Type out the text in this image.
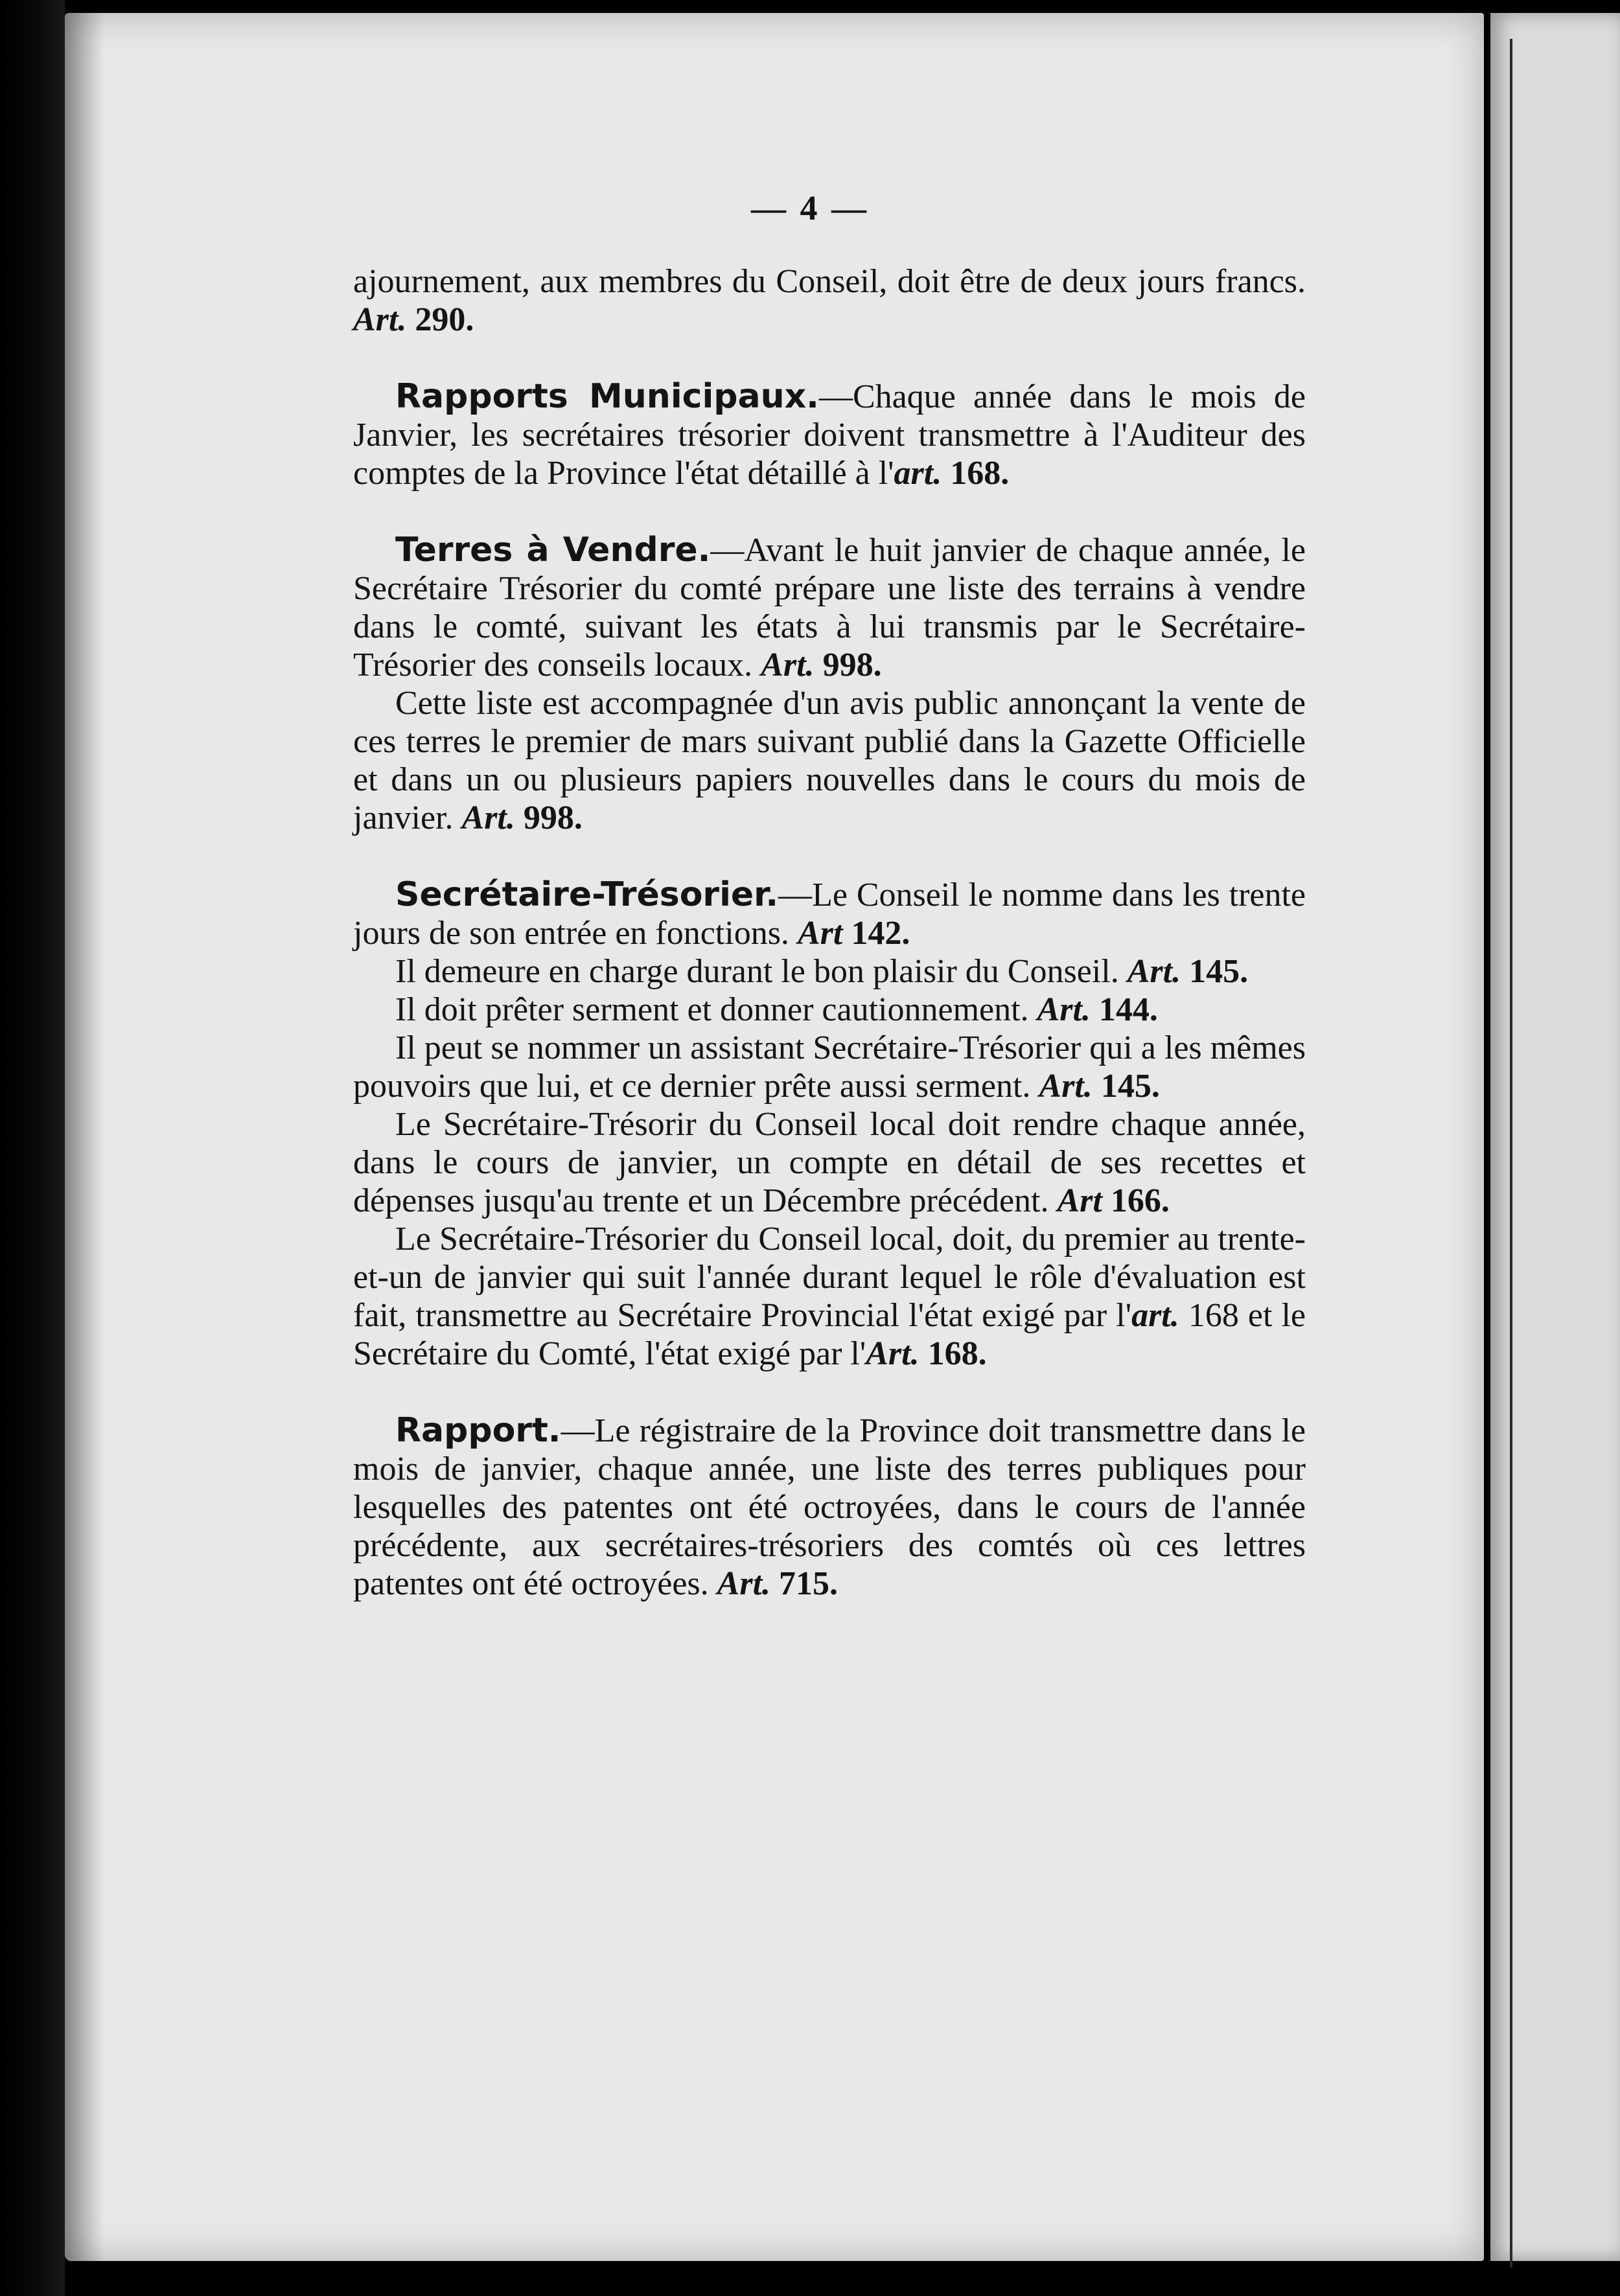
— 4 —

ajournement, aux membres du Conseil, doit être de deux jours francs. Art. 290.

Rapports Municipaux.—Chaque année dans le mois de Janvier, les secrétaires trésorier doivent transmettre à l'Auditeur des comptes de la Province l'état détaillé à l'art. 168.

Terres à Vendre.—Avant le huit janvier de chaque année, le Secrétaire Trésorier du comté prépare une liste des terrains à vendre dans le comté, suivant les états à lui transmis par le Secrétaire-Trésorier des conseils locaux. Art. 998.

Cette liste est accompagnée d'un avis public annonçant la vente de ces terres le premier de mars suivant publié dans la Gazette Officielle et dans un ou plusieurs papiers nouvelles dans le cours du mois de janvier. Art. 998.

Secrétaire-Trésorier.—Le Conseil le nomme dans les trente jours de son entrée en fonctions. Art 142.

Il demeure en charge durant le bon plaisir du Conseil. Art. 145.

Il doit prêter serment et donner cautionnement. Art. 144.

Il peut se nommer un assistant Secrétaire-Trésorier qui a les mêmes pouvoirs que lui, et ce dernier prête aussi serment. Art. 145.

Le Secrétaire-Trésorir du Conseil local doit rendre chaque année, dans le cours de janvier, un compte en détail de ses recettes et dépenses jusqu'au trente et un Décembre précédent. Art 166.

Le Secrétaire-Trésorier du Conseil local, doit, du premier au trente-et-un de janvier qui suit l'année durant lequel le rôle d'évaluation est fait, transmettre au Secrétaire Provincial l'état exigé par l'art. 168 et le Secrétaire du Comté, l'état exigé par l'Art. 168.

Rapport.—Le régistraire de la Province doit transmettre dans le mois de janvier, chaque année, une liste des terres publiques pour lesquelles des patentes ont été octroyées, dans le cours de l'année précédente, aux secrétaires-trésoriers des comtés où ces lettres patentes ont été octroyées. Art. 715.
